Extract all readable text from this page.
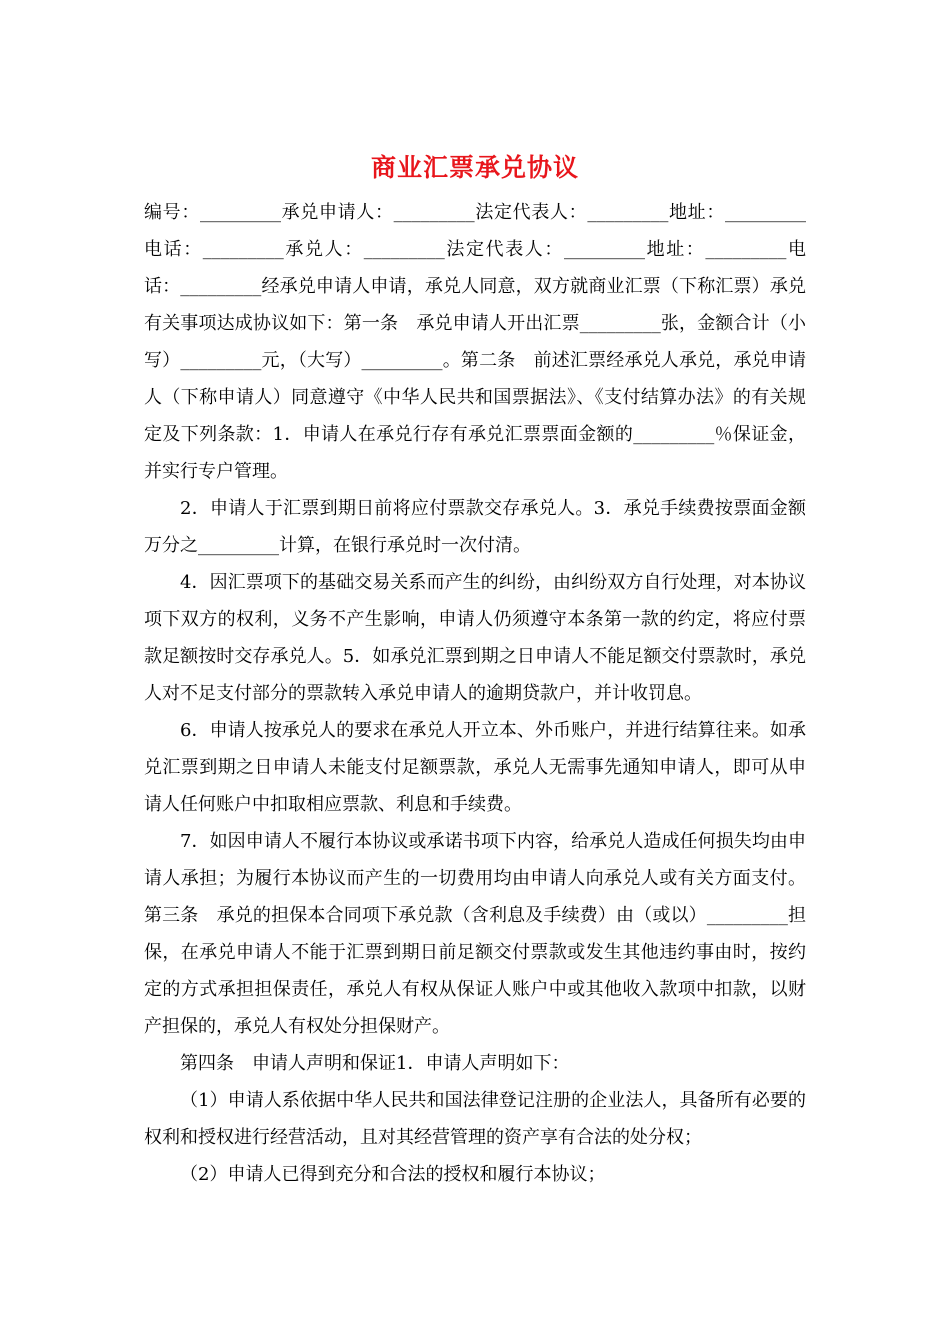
商业汇票承兑协议

编号：_________承兑申请人：_________法定代表人：_________地址：_________电话：_________承兑人：_________法定代表人：_________地址：_________电话：_________经承兑申请人申请，承兑人同意，双方就商业汇票（下称汇票）承兑有关事项达成协议如下：第一条　承兑申请人开出汇票_________张，金额合计（小写）_________元，（大写）_________。第二条　前述汇票经承兑人承兑，承兑申请人（下称申请人）同意遵守《中华人民共和国票据法》、《支付结算办法》的有关规定及下列条款：1．申请人在承兑行存有承兑汇票票面金额的_________％保证金，并实行专户管理。

2．申请人于汇票到期日前将应付票款交存承兑人。3．承兑手续费按票面金额万分之_________计算，在银行承兑时一次付清。

4．因汇票项下的基础交易关系而产生的纠纷，由纠纷双方自行处理，对本协议项下双方的权利，义务不产生影响，申请人仍须遵守本条第一款的约定，将应付票款足额按时交存承兑人。5．如承兑汇票到期之日申请人不能足额交付票款时，承兑人对不足支付部分的票款转入承兑申请人的逾期贷款户，并计收罚息。

6．申请人按承兑人的要求在承兑人开立本、外币账户，并进行结算往来。如承兑汇票到期之日申请人未能支付足额票款，承兑人无需事先通知申请人，即可从申请人任何账户中扣取相应票款、利息和手续费。

7．如因申请人不履行本协议或承诺书项下内容，给承兑人造成任何损失均由申请人承担；为履行本协议而产生的一切费用均由申请人向承兑人或有关方面支付。第三条　承兑的担保本合同项下承兑款（含利息及手续费）由（或以）_________担保，在承兑申请人不能于汇票到期日前足额交付票款或发生其他违约事由时，按约定的方式承担担保责任，承兑人有权从保证人账户中或其他收入款项中扣款，以财产担保的，承兑人有权处分担保财产。

第四条　申请人声明和保证1．申请人声明如下：

（1）申请人系依据中华人民共和国法律登记注册的企业法人，具备所有必要的权利和授权进行经营活动，且对其经营管理的资产享有合法的处分权；

（2）申请人已得到充分和合法的授权和履行本协议；
